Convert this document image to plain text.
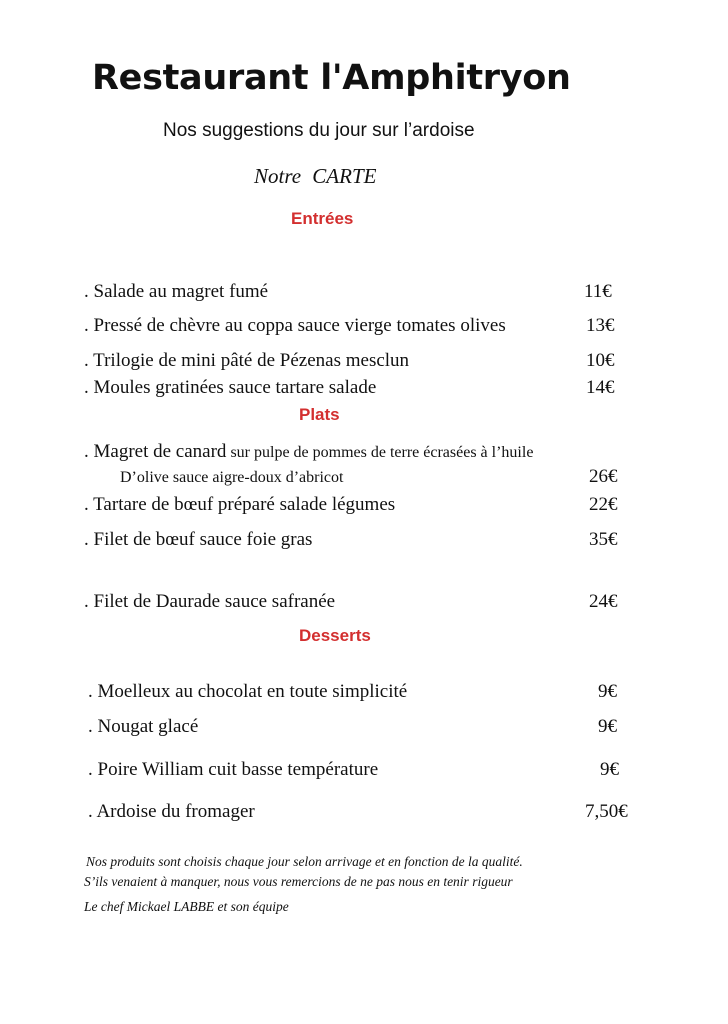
Restaurant l'Amphitryon
Nos suggestions du jour sur l’ardoise
Notre CARTE
Entrées
. Salade au magret fumé	11€
. Pressé de chèvre au coppa sauce vierge tomates olives	13€
. Trilogie de mini pâté de Pézenas mesclun	10€
. Moules gratinées sauce tartare salade	14€
Plats
. Magret de canard sur pulpe de pommes de terre écrasées à l’huile
D’olive sauce aigre-doux d’abricot	26€
. Tartare de bœuf préparé salade légumes	22€
. Filet de bœuf sauce foie gras	35€
. Filet de Daurade sauce safranée	24€
Desserts
. Moelleux au chocolat en toute simplicité	9€
. Nougat glacé	9€
. Poire William cuit basse température	9€
. Ardoise du fromager	7,50€
Nos produits sont choisis chaque jour selon arrivage et en fonction de la qualité.
S’ils venaient à manquer, nous vous remercions de ne pas nous en tenir rigueur
Le chef Mickael LABBE et son équipe
